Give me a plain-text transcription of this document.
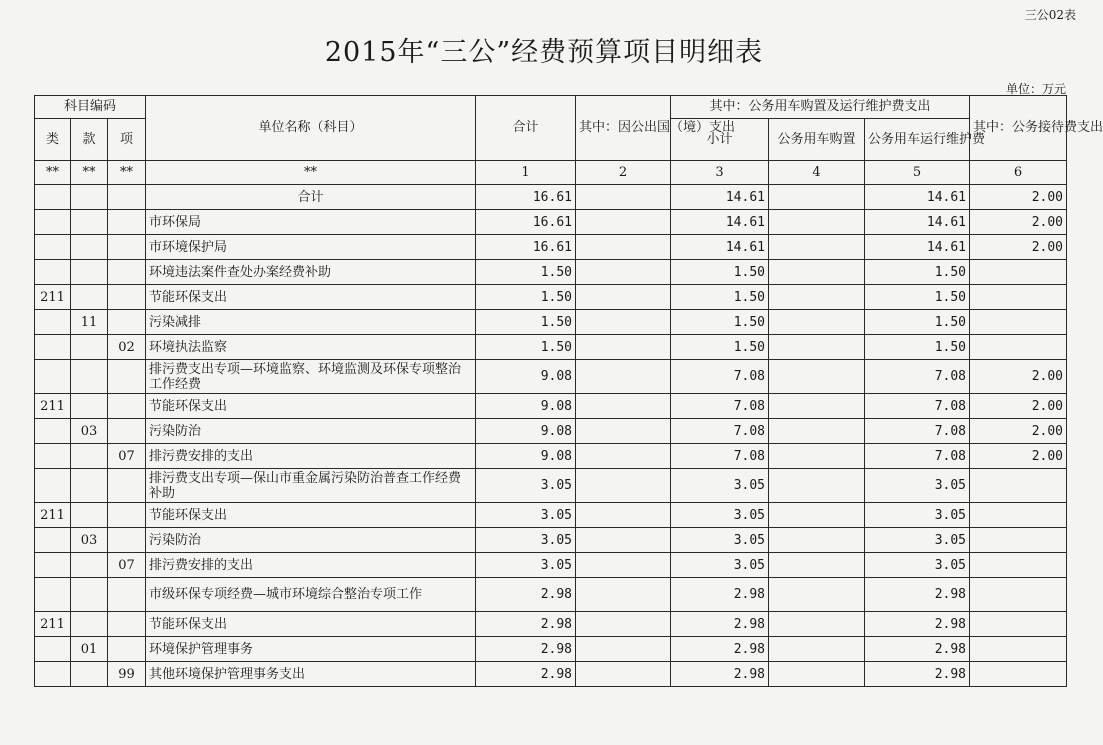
三公02表
2015年“三公”经费预算项目明细表
单位：万元
科目编码			单位名称（科目）	合计	其中：因公出国（境）支出	其中：公务用车购置及运行维护费支出			其中：公务接待费支出
类	款	项				小计	公务用车购置	公务用车运行维护费	
**	**	**	**	1	2	3	4	5	6
			合计	16.61		14.61		14.61	2.00
			市环保局	16.61		14.61		14.61	2.00
			市环境保护局	16.61		14.61		14.61	2.00
			环境违法案件查处办案经费补助	1.50		1.50		1.50	
211			节能环保支出	1.50		1.50		1.50	
	11		污染减排	1.50		1.50		1.50	
		02	环境执法监察	1.50		1.50		1.50	
			排污费支出专项—环境监察、环境监测及环保专项整治工作经费	9.08		7.08		7.08	2.00
211			节能环保支出	9.08		7.08		7.08	2.00
	03		污染防治	9.08		7.08		7.08	2.00
		07	排污费安排的支出	9.08		7.08		7.08	2.00
			排污费支出专项—保山市重金属污染防治普查工作经费补助	3.05		3.05		3.05	
211			节能环保支出	3.05		3.05		3.05	
	03		污染防治	3.05		3.05		3.05	
		07	排污费安排的支出	3.05		3.05		3.05	
			市级环保专项经费—城市环境综合整治专项工作	2.98		2.98		2.98	
211			节能环保支出	2.98		2.98		2.98	
	01		环境保护管理事务	2.98		2.98		2.98	
		99	其他环境保护管理事务支出	2.98		2.98		2.98	
